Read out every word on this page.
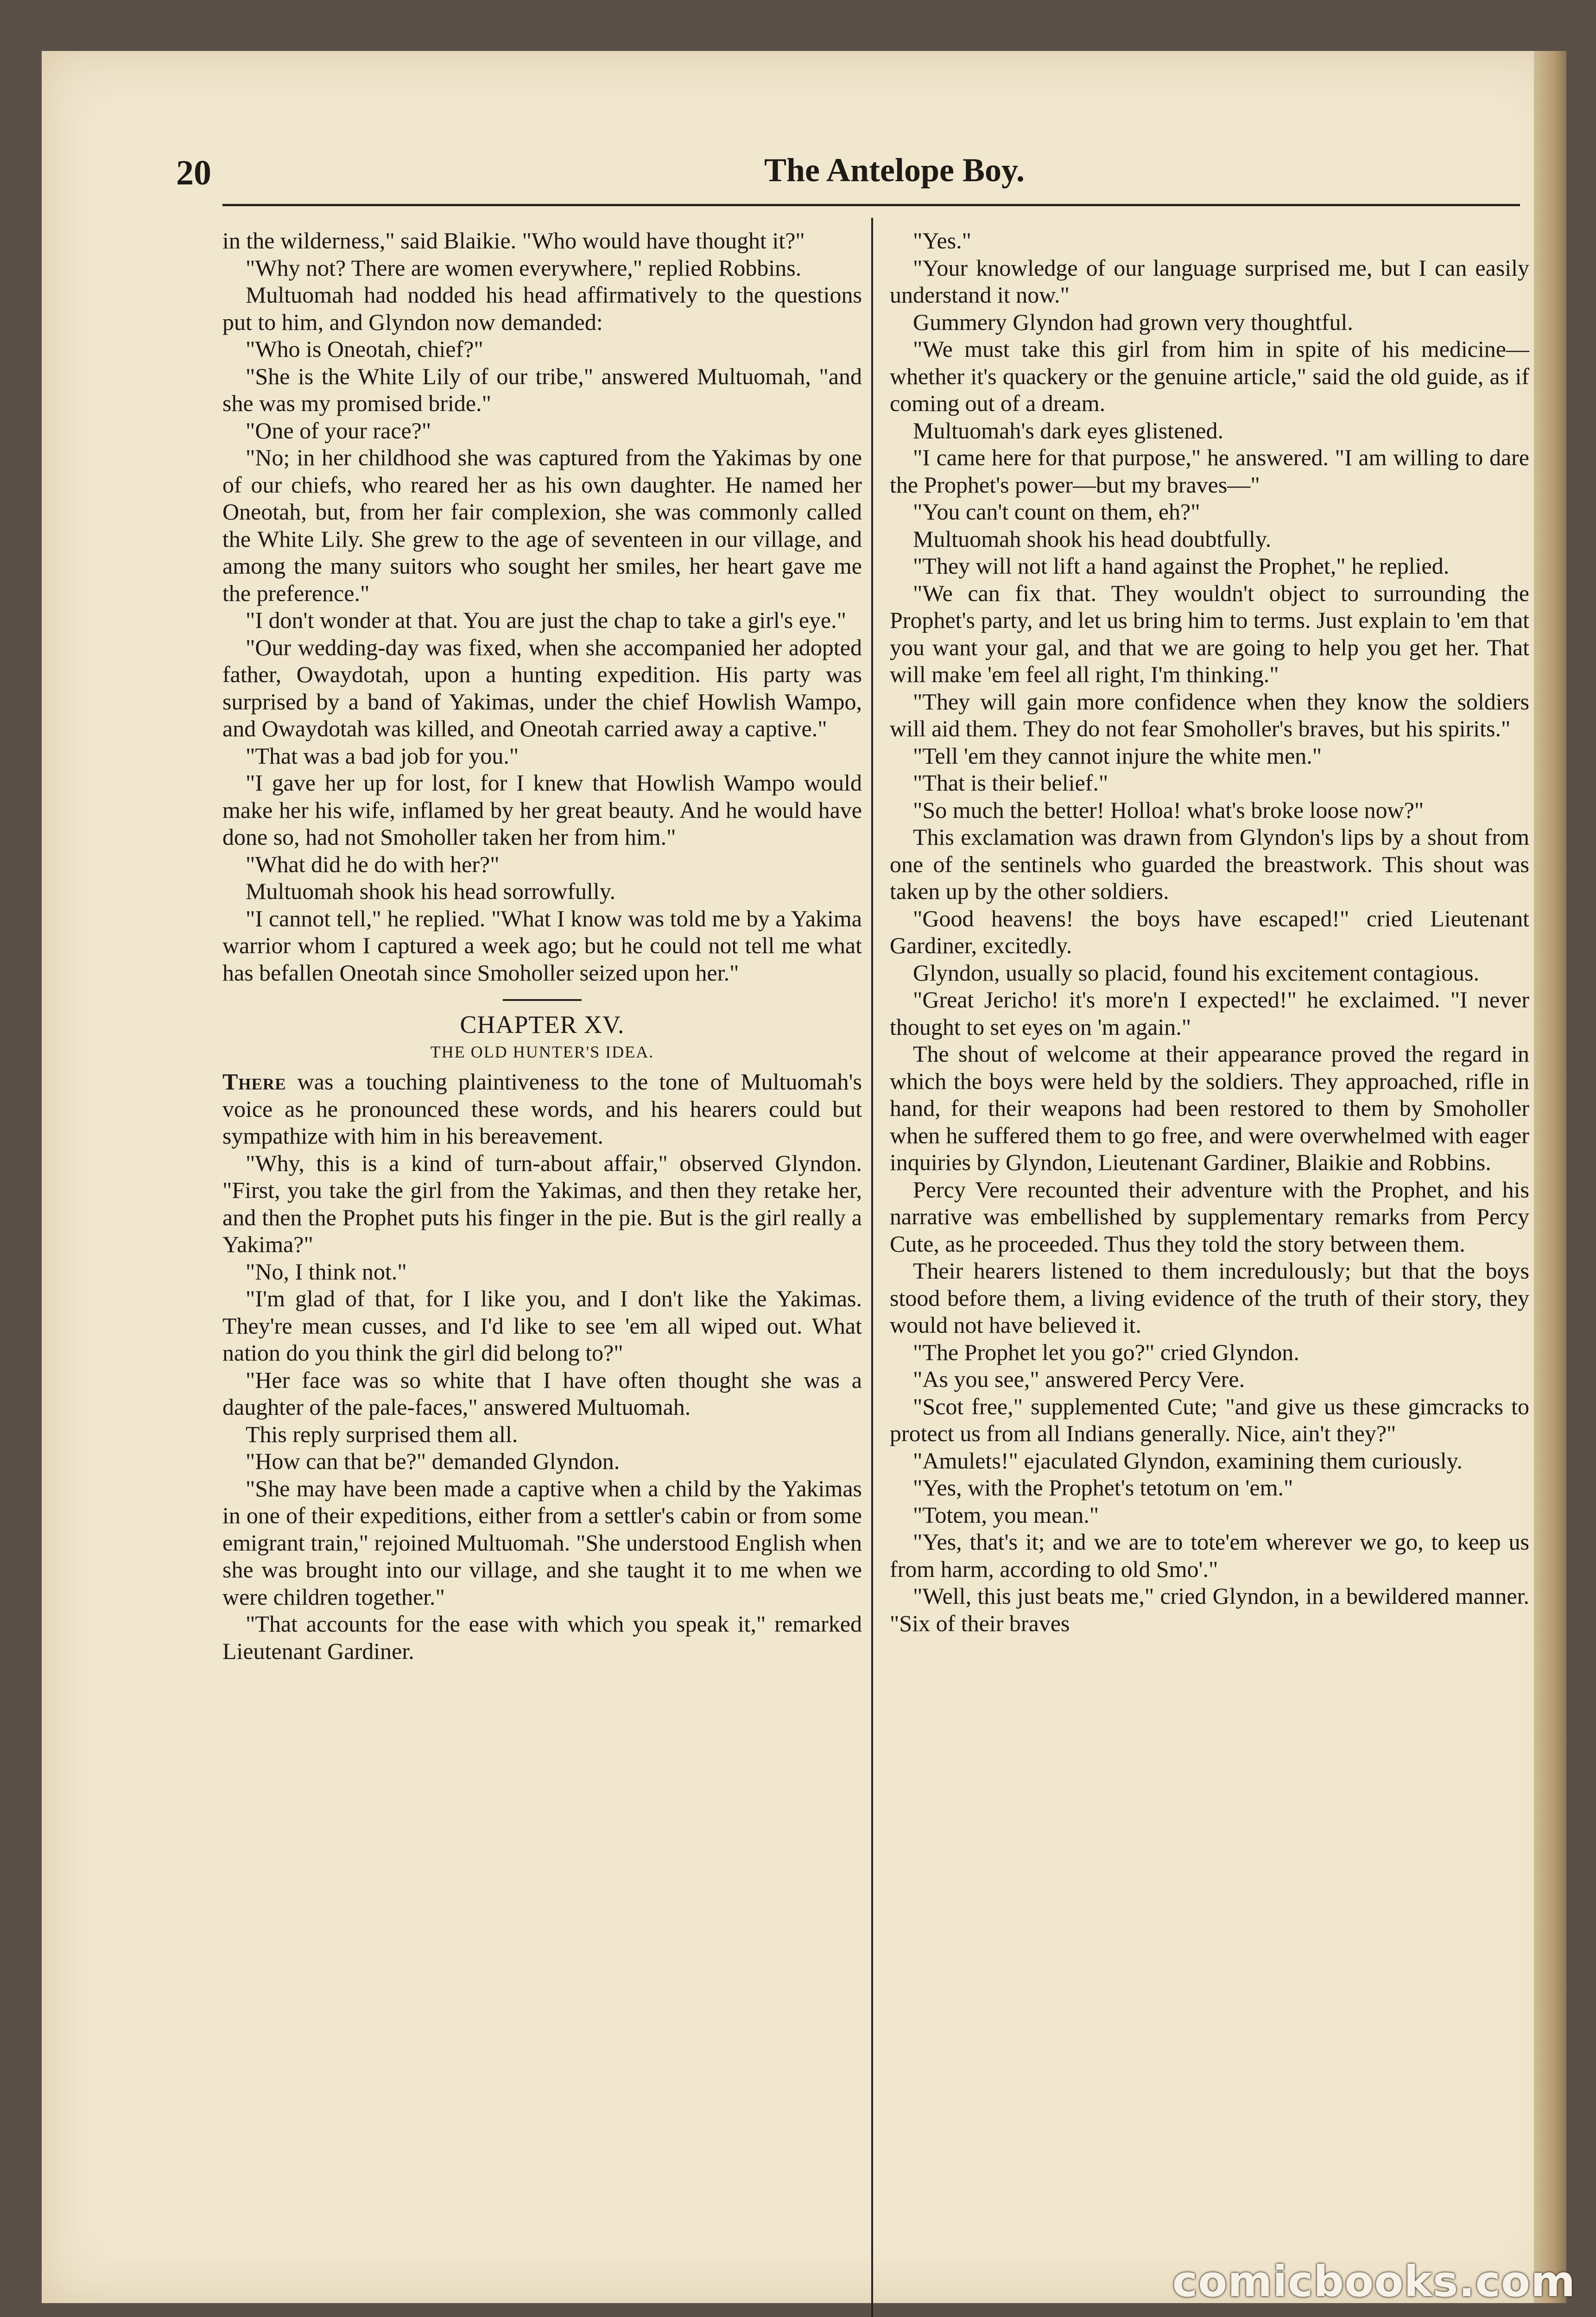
20	The Antelope Boy.

in the wilderness," said Blaikie. "Who would have thought it?"

"Why not? There are women everywhere," replied Robbins.

Multuomah had nodded his head affirmatively to the questions put to him, and Glyndon now demanded:

"Who is Oneotah, chief?"

"She is the White Lily of our tribe," answered Multuomah, "and she was my promised bride."

"One of your race?"

"No; in her childhood she was captured from the Yakimas by one of our chiefs, who reared her as his own daughter. He named her Oneotah, but, from her fair complexion, she was commonly called the White Lily. She grew to the age of seventeen in our village, and among the many suitors who sought her smiles, her heart gave me the preference."

"I don't wonder at that. You are just the chap to take a girl's eye."

"Our wedding-day was fixed, when she accompanied her adopted father, Owaydotah, upon a hunting expedition. His party was surprised by a band of Yakimas, under the chief Howlish Wampo, and Owaydotah was killed, and Oneotah carried away a captive."

"That was a bad job for you."

"I gave her up for lost, for I knew that Howlish Wampo would make her his wife, inflamed by her great beauty. And he would have done so, had not Smoholler taken her from him."

"What did he do with her?"

Multuomah shook his head sorrowfully.

"I cannot tell," he replied. "What I know was told me by a Yakima warrior whom I captured a week ago; but he could not tell me what has befallen Oneotah since Smoholler seized upon her."

CHAPTER XV.

THE OLD HUNTER'S IDEA.

There was a touching plaintiveness to the tone of Multuomah's voice as he pronounced these words, and his hearers could but sympathize with him in his bereavement.

"Why, this is a kind of turn-about affair," observed Glyndon. "First, you take the girl from the Yakimas, and then they retake her, and then the Prophet puts his finger in the pie. But is the girl really a Yakima?"

"No, I think not."

"I'm glad of that, for I like you, and I don't like the Yakimas. They're mean cusses, and I'd like to see 'em all wiped out. What nation do you think the girl did belong to?"

"Her face was so white that I have often thought she was a daughter of the pale-faces," answered Multuomah.

This reply surprised them all.

"How can that be?" demanded Glyndon.

"She may have been made a captive when a child by the Yakimas in one of their expeditions, either from a settler's cabin or from some emigrant train," rejoined Multuomah. "She understood English when she was brought into our village, and she taught it to me when we were children together."

"That accounts for the ease with which you speak it," remarked Lieutenant Gardiner.

"Yes."

"Your knowledge of our language surprised me, but I can easily understand it now."

Gummery Glyndon had grown very thoughtful.

"We must take this girl from him in spite of his medicine—whether it's quackery or the genuine article," said the old guide, as if coming out of a dream.

Multuomah's dark eyes glistened.

"I came here for that purpose," he answered. "I am willing to dare the Prophet's power—but my braves—"

"You can't count on them, eh?"

Multuomah shook his head doubtfully.

"They will not lift a hand against the Prophet," he replied.

"We can fix that. They wouldn't object to surrounding the Prophet's party, and let us bring him to terms. Just explain to 'em that you want your gal, and that we are going to help you get her. That will make 'em feel all right, I'm thinking."

"They will gain more confidence when they know the soldiers will aid them. They do not fear Smoholler's braves, but his spirits."

"Tell 'em they cannot injure the white men."

"That is their belief."

"So much the better! Holloa! what's broke loose now?"

This exclamation was drawn from Glyndon's lips by a shout from one of the sentinels who guarded the breastwork. This shout was taken up by the other soldiers.

"Good heavens! the boys have escaped!" cried Lieutenant Gardiner, excitedly.

Glyndon, usually so placid, found his excitement contagious.

"Great Jericho! it's more'n I expected!" he exclaimed. "I never thought to set eyes on 'm again."

The shout of welcome at their appearance proved the regard in which the boys were held by the soldiers. They approached, rifle in hand, for their weapons had been restored to them by Smoholler when he suffered them to go free, and were overwhelmed with eager inquiries by Glyndon, Lieutenant Gardiner, Blaikie and Robbins.

Percy Vere recounted their adventure with the Prophet, and his narrative was embellished by supplementary remarks from Percy Cute, as he proceeded. Thus they told the story between them.

Their hearers listened to them incredulously; but that the boys stood before them, a living evidence of the truth of their story, they would not have believed it.

"The Prophet let you go?" cried Glyndon.

"As you see," answered Percy Vere.

"Scot free," supplemented Cute; "and give us these gimcracks to protect us from all Indians generally. Nice, ain't they?"

"Amulets!" ejaculated Glyndon, examining them curiously.

"Yes, with the Prophet's tetotum on 'em."

"Totem, you mean."

"Yes, that's it; and we are to tote'em wherever we go, to keep us from harm, according to old Smo'."

"Well, this just beats me," cried Glyndon, in a bewildered manner. "Six of their braves

comicbooks.com
